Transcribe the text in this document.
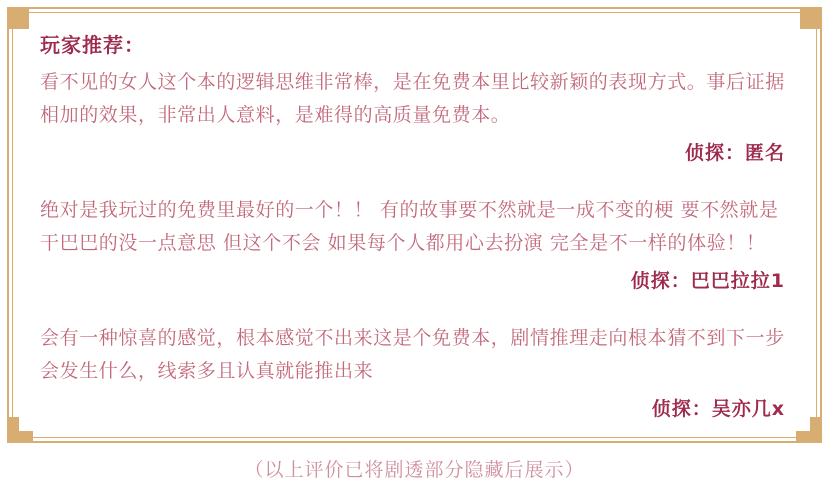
玩家推荐：

看不见的女人这个本的逻辑思维非常棒，是在免费本里比较新颖的表现方式。事后证据相加的效果，非常出人意料，是难得的高质量免费本。

侦探：匿名

绝对是我玩过的免费里最好的一个！！ 有的故事要不然就是一成不变的梗 要不然就是干巴巴的没一点意思 但这个不会 如果每个人都用心去扮演 完全是不一样的体验！！

侦探：巴巴拉拉1

会有一种惊喜的感觉，根本感觉不出来这是个免费本，剧情推理走向根本猜不到下一步会发生什么，线索多且认真就能推出来

侦探：吴亦几x

（以上评价已将剧透部分隐藏后展示）
